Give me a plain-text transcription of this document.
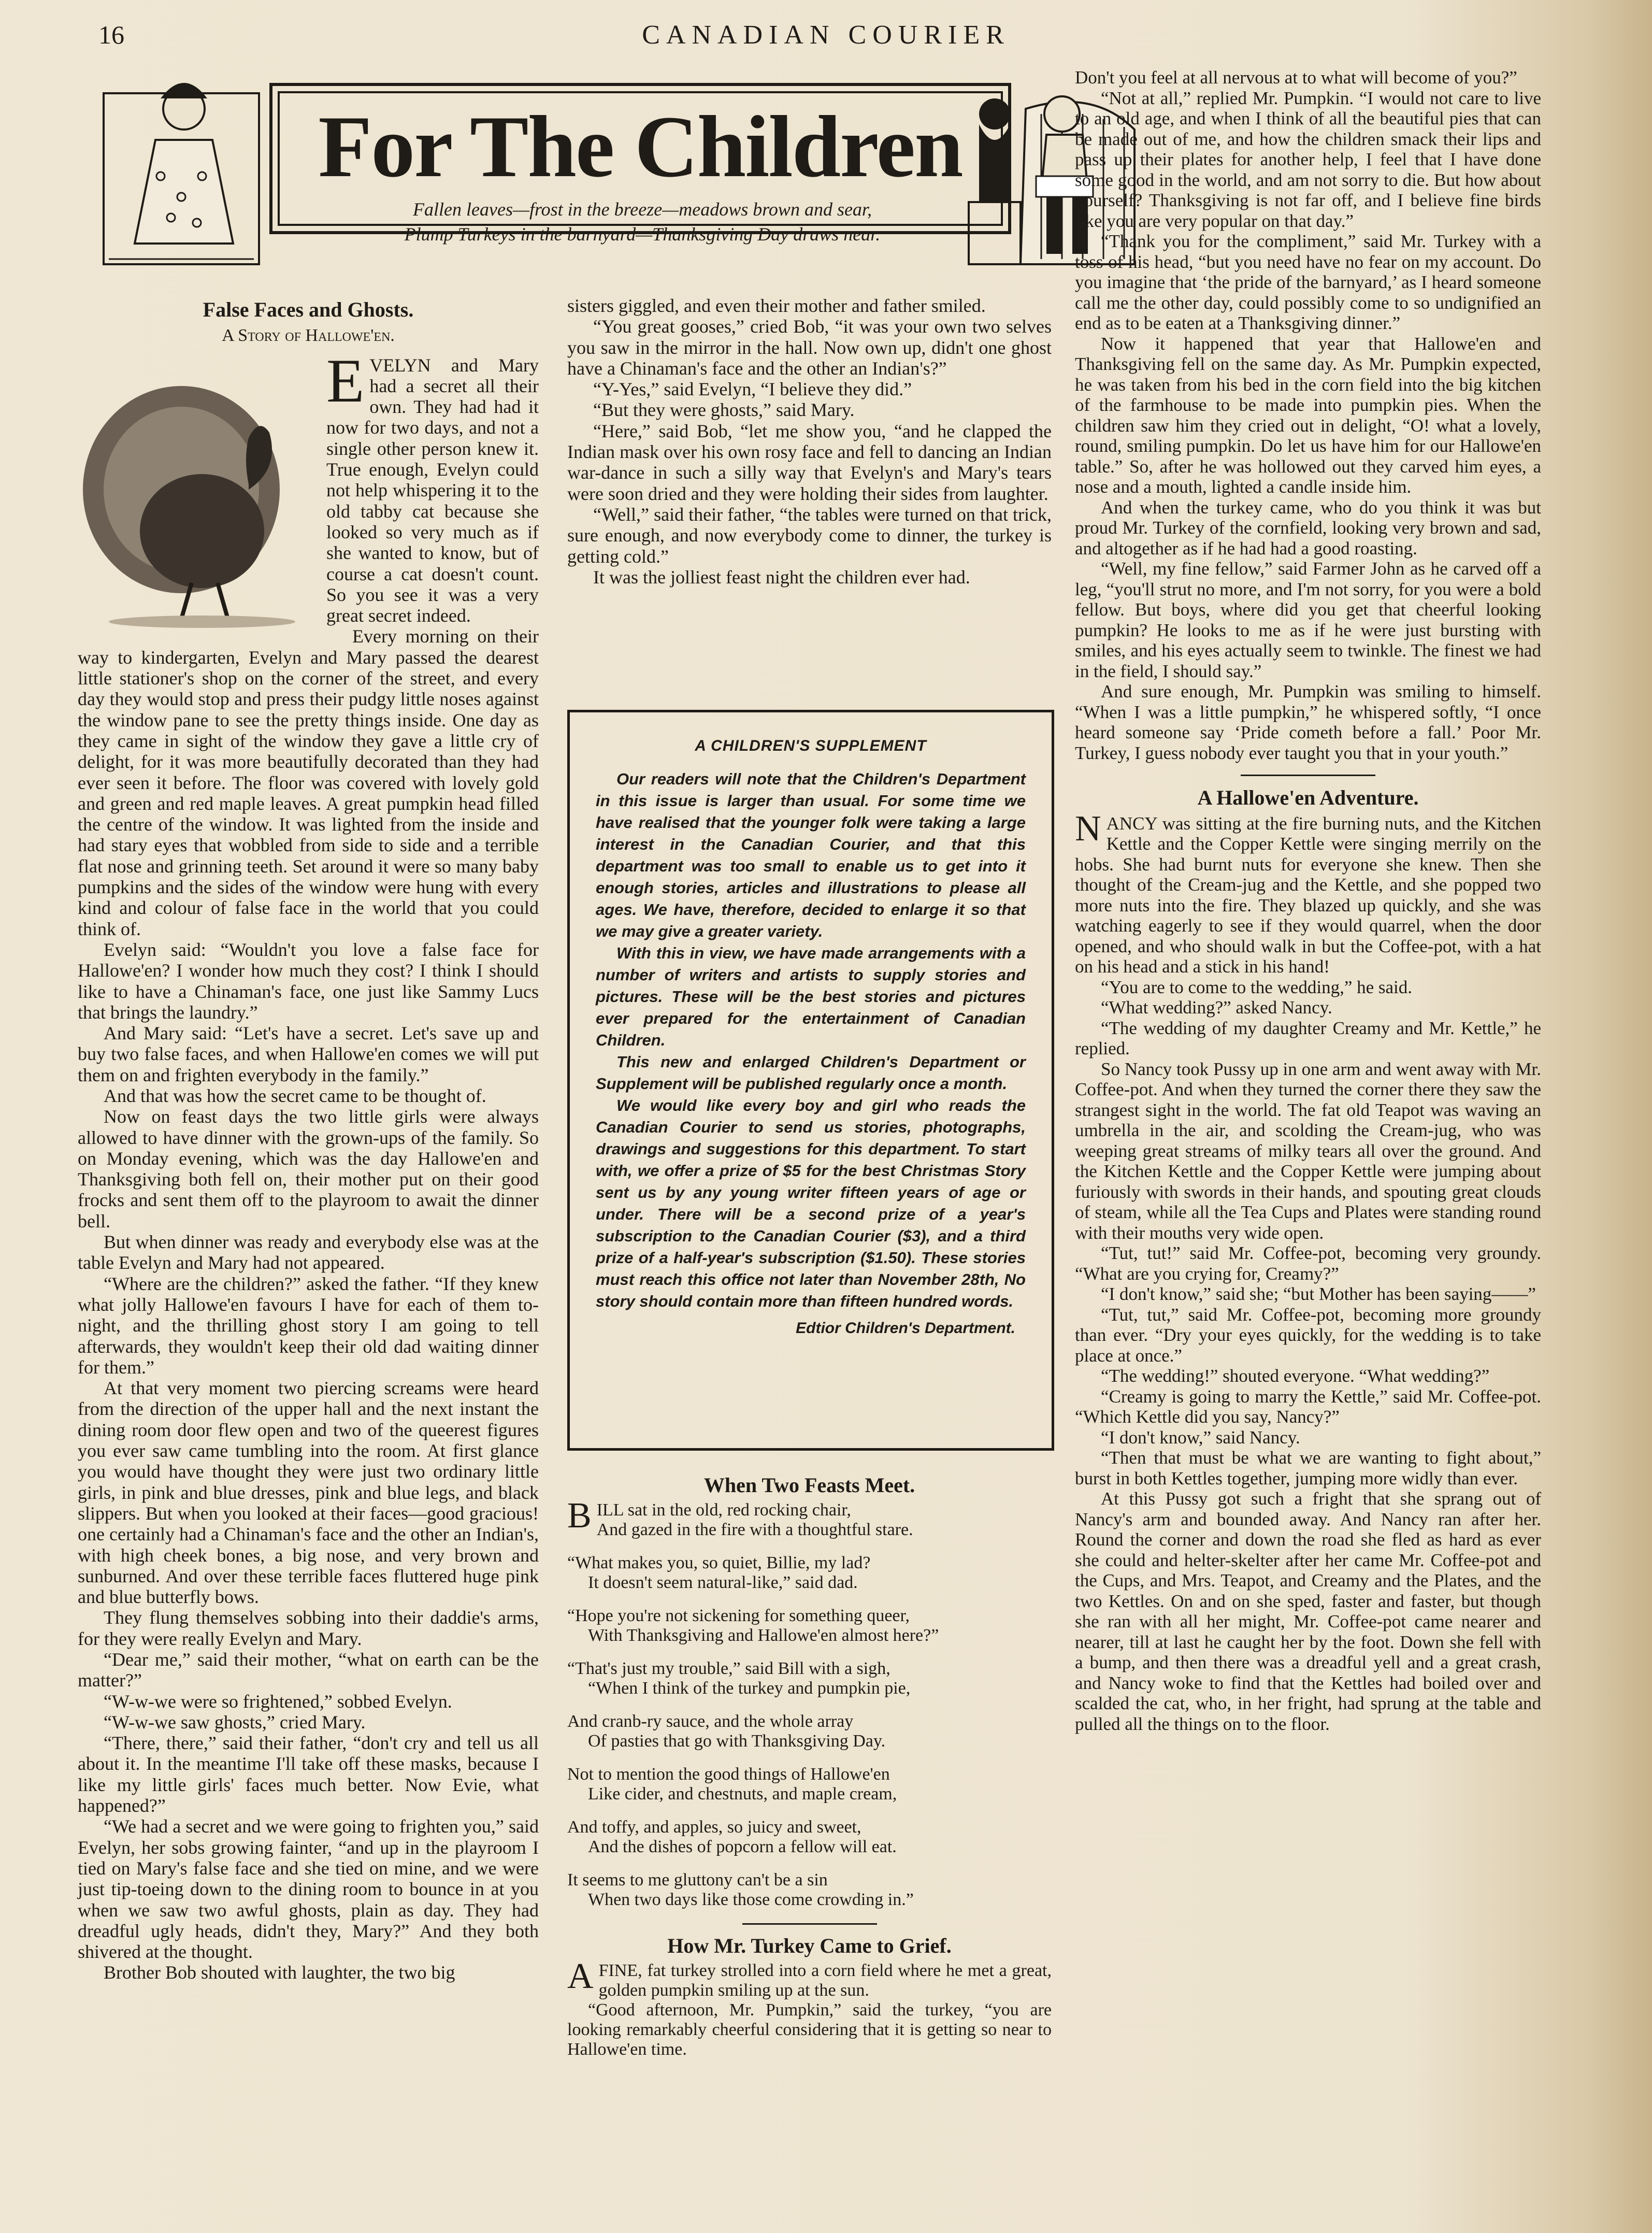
16	CANADIAN COURIER
For The Children
Fallen leaves—frost in the breeze—meadows brown and sear,
Plump Turkeys in the barnyard—Thanksgiving Day draws near.
False Faces and Ghosts.
A Story of Hallowe'en.

EVELYN and Mary had a secret all their own. They had had it now for two days, and not a single other person knew it. True enough, Evelyn could not help whispering it to the old tabby cat because she looked so very much as if she wanted to know, but of course a cat doesn't count. So you see it was a very great secret indeed.

Every morning on their way to kindergarten, Evelyn and Mary passed the dearest little stationer's shop on the corner of the street, and every day they would stop and press their pudgy little noses against the window pane to see the pretty things inside. One day as they came in sight of the window they gave a little cry of delight, for it was more beautifully decorated than they had ever seen it before. The floor was covered with lovely gold and green and red maple leaves. A great pumpkin head filled the centre of the window. It was lighted from the inside and had stary eyes that wobbled from side to side and a terrible flat nose and grinning teeth. Set around it were so many baby pumpkins and the sides of the window were hung with every kind and colour of false face in the world that you could think of.

Evelyn said: “Wouldn't you love a false face for Hallowe'en? I wonder how much they cost? I think I should like to have a Chinaman's face, one just like Sammy Lucs that brings the laundry.”

And Mary said: “Let's have a secret. Let's save up and buy two false faces, and when Hallowe'en comes we will put them on and frighten everybody in the family.”

And that was how the secret came to be thought of.

Now on feast days the two little girls were always allowed to have dinner with the grown-ups of the family. So on Monday evening, which was the day Hallowe'en and Thanksgiving both fell on, their mother put on their good frocks and sent them off to the playroom to await the dinner bell.

But when dinner was ready and everybody else was at the table Evelyn and Mary had not appeared.

“Where are the children?” asked the father. “If they knew what jolly Hallowe'en favours I have for each of them to-night, and the thrilling ghost story I am going to tell afterwards, they wouldn't keep their old dad waiting dinner for them.”

At that very moment two piercing screams were heard from the direction of the upper hall and the next instant the dining room door flew open and two of the queerest figures you ever saw came tumbling into the room. At first glance you would have thought they were just two ordinary little girls, in pink and blue dresses, pink and blue legs, and black slippers. But when you looked at their faces—good gracious! one certainly had a Chinaman's face and the other an Indian's, with high cheek bones, a big nose, and very brown and sunburned. And over these terrible faces fluttered huge pink and blue butterfly bows.

They flung themselves sobbing into their daddie's arms, for they were really Evelyn and Mary.

“Dear me,” said their mother, “what on earth can be the matter?”

“W-w-we were so frightened,” sobbed Evelyn.

“W-w-we saw ghosts,” cried Mary.

“There, there,” said their father, “don't cry and tell us all about it. In the meantime I'll take off these masks, because I like my little girls' faces much better. Now Evie, what happened?”

“We had a secret and we were going to frighten you,” said Evelyn, her sobs growing fainter, “and up in the playroom I tied on Mary's false face and she tied on mine, and we were just tip-toeing down to the dining room to bounce in at you when we saw two awful ghosts, plain as day. They had dreadful ugly heads, didn't they, Mary?” And they both shivered at the thought.

Brother Bob shouted with laughter, the two big

sisters giggled, and even their mother and father smiled.

“You great gooses,” cried Bob, “it was your own two selves you saw in the mirror in the hall. Now own up, didn't one ghost have a Chinaman's face and the other an Indian's?”

“Y-Yes,” said Evelyn, “I believe they did.”

“But they were ghosts,” said Mary.

“Here,” said Bob, “let me show you, “and he clapped the Indian mask over his own rosy face and fell to dancing an Indian war-dance in such a silly way that Evelyn's and Mary's tears were soon dried and they were holding their sides from laughter.

“Well,” said their father, “the tables were turned on that trick, sure enough, and now everybody come to dinner, the turkey is getting cold.”

It was the jolliest feast night the children ever had.

A CHILDREN'S SUPPLEMENT

Our readers will note that the Children's Department in this issue is larger than usual. For some time we have realised that the younger folk were taking a large interest in the Canadian Courier, and that this department was too small to enable us to get into it enough stories, articles and illustrations to please all ages. We have, therefore, decided to enlarge it so that we may give a greater variety.

With this in view, we have made arrangements with a number of writers and artists to supply stories and pictures. These will be the best stories and pictures ever prepared for the entertainment of Canadian Children.

This new and enlarged Children's Department or Supplement will be published regularly once a month.

We would like every boy and girl who reads the Canadian Courier to send us stories, photographs, drawings and suggestions for this department. To start with, we offer a prize of $5 for the best Christmas Story sent us by any young writer fifteen years of age or under. There will be a second prize of a year's subscription to the Canadian Courier ($3), and a third prize of a half-year's subscription ($1.50). These stories must reach this office not later than November 28th, No story should contain more than fifteen hundred words.

Edtior Children's Department.
When Two Feasts Meet.

BILL sat in the old, red rocking chair,

And gazed in the fire with a thoughtful stare.

“What makes you, so quiet, Billie, my lad?

It doesn't seem natural-like,” said dad.

“Hope you're not sickening for something queer,

With Thanksgiving and Hallowe'en almost here?”

“That's just my trouble,” said Bill with a sigh,

“When I think of the turkey and pumpkin pie,

And cranb-ry sauce, and the whole array

Of pasties that go with Thanksgiving Day.

Not to mention the good things of Hallowe'en

Like cider, and chestnuts, and maple cream,

And toffy, and apples, so juicy and sweet,

And the dishes of popcorn a fellow will eat.

It seems to me gluttony can't be a sin

When two days like those come crowding in.”

How Mr. Turkey Came to Grief.

AFINE, fat turkey strolled into a corn field where he met a great, golden pumpkin smiling up at the sun.

“Good afternoon, Mr. Pumpkin,” said the turkey, “you are looking remarkably cheerful considering that it is getting so near to Hallowe'en time.

Don't you feel at all nervous at to what will become of you?”

“Not at all,” replied Mr. Pumpkin. “I would not care to live to an old age, and when I think of all the beautiful pies that can be made out of me, and how the children smack their lips and pass up their plates for another help, I feel that I have done some good in the world, and am not sorry to die. But how about yourself? Thanksgiving is not far off, and I believe fine birds like you are very popular on that day.”

“Thank you for the compliment,” said Mr. Turkey with a toss of his head, “but you need have no fear on my account. Do you imagine that ‘the pride of the barnyard,’ as I heard someone call me the other day, could possibly come to so undignified an end as to be eaten at a Thanksgiving dinner.”

Now it happened that year that Hallowe'en and Thanksgiving fell on the same day. As Mr. Pumpkin expected, he was taken from his bed in the corn field into the big kitchen of the farmhouse to be made into pumpkin pies. When the children saw him they cried out in delight, “O! what a lovely, round, smiling pumpkin. Do let us have him for our Hallowe'en table.” So, after he was hollowed out they carved him eyes, a nose and a mouth, lighted a candle inside him.

And when the turkey came, who do you think it was but proud Mr. Turkey of the cornfield, looking very brown and sad, and altogether as if he had had a good roasting.

“Well, my fine fellow,” said Farmer John as he carved off a leg, “you'll strut no more, and I'm not sorry, for you were a bold fellow. But boys, where did you get that cheerful looking pumpkin? He looks to me as if he were just bursting with smiles, and his eyes actually seem to twinkle. The finest we had in the field, I should say.”

And sure enough, Mr. Pumpkin was smiling to himself. “When I was a little pumpkin,” he whispered softly, “I once heard someone say ‘Pride cometh before a fall.’ Poor Mr. Turkey, I guess nobody ever taught you that in your youth.”

A Hallowe'en Adventure.

NANCY was sitting at the fire burning nuts, and the Kitchen Kettle and the Copper Kettle were singing merrily on the hobs. She had burnt nuts for everyone she knew. Then she thought of the Cream-jug and the Kettle, and she popped two more nuts into the fire. They blazed up quickly, and she was watching eagerly to see if they would quarrel, when the door opened, and who should walk in but the Coffee-pot, with a hat on his head and a stick in his hand!

“You are to come to the wedding,” he said.

“What wedding?” asked Nancy.

“The wedding of my daughter Creamy and Mr. Kettle,” he replied.

So Nancy took Pussy up in one arm and went away with Mr. Coffee-pot. And when they turned the corner there they saw the strangest sight in the world. The fat old Teapot was waving an umbrella in the air, and scolding the Cream-jug, who was weeping great streams of milky tears all over the ground. And the Kitchen Kettle and the Copper Kettle were jumping about furiously with swords in their hands, and spouting great clouds of steam, while all the Tea Cups and Plates were standing round with their mouths very wide open.

“Tut, tut!” said Mr. Coffee-pot, becoming very groundy. “What are you crying for, Creamy?”

“I don't know,” said she; “but Mother has been saying——”

“Tut, tut,” said Mr. Coffee-pot, becoming more groundy than ever. “Dry your eyes quickly, for the wedding is to take place at once.”

“The wedding!” shouted everyone. “What wedding?”

“Creamy is going to marry the Kettle,” said Mr. Coffee-pot. “Which Kettle did you say, Nancy?”

“I don't know,” said Nancy.

“Then that must be what we are wanting to fight about,” burst in both Kettles together, jumping more widly than ever.

At this Pussy got such a fright that she sprang out of Nancy's arm and bounded away. And Nancy ran after her. Round the corner and down the road she fled as hard as ever she could and helter-skelter after her came Mr. Coffee-pot and the Cups, and Mrs. Teapot, and Creamy and the Plates, and the two Kettles. On and on she sped, faster and faster, but though she ran with all her might, Mr. Coffee-pot came nearer and nearer, till at last he caught her by the foot. Down she fell with a bump, and then there was a dreadful yell and a great crash, and Nancy woke to find that the Kettles had boiled over and scalded the cat, who, in her fright, had sprung at the table and pulled all the things on to the floor.
